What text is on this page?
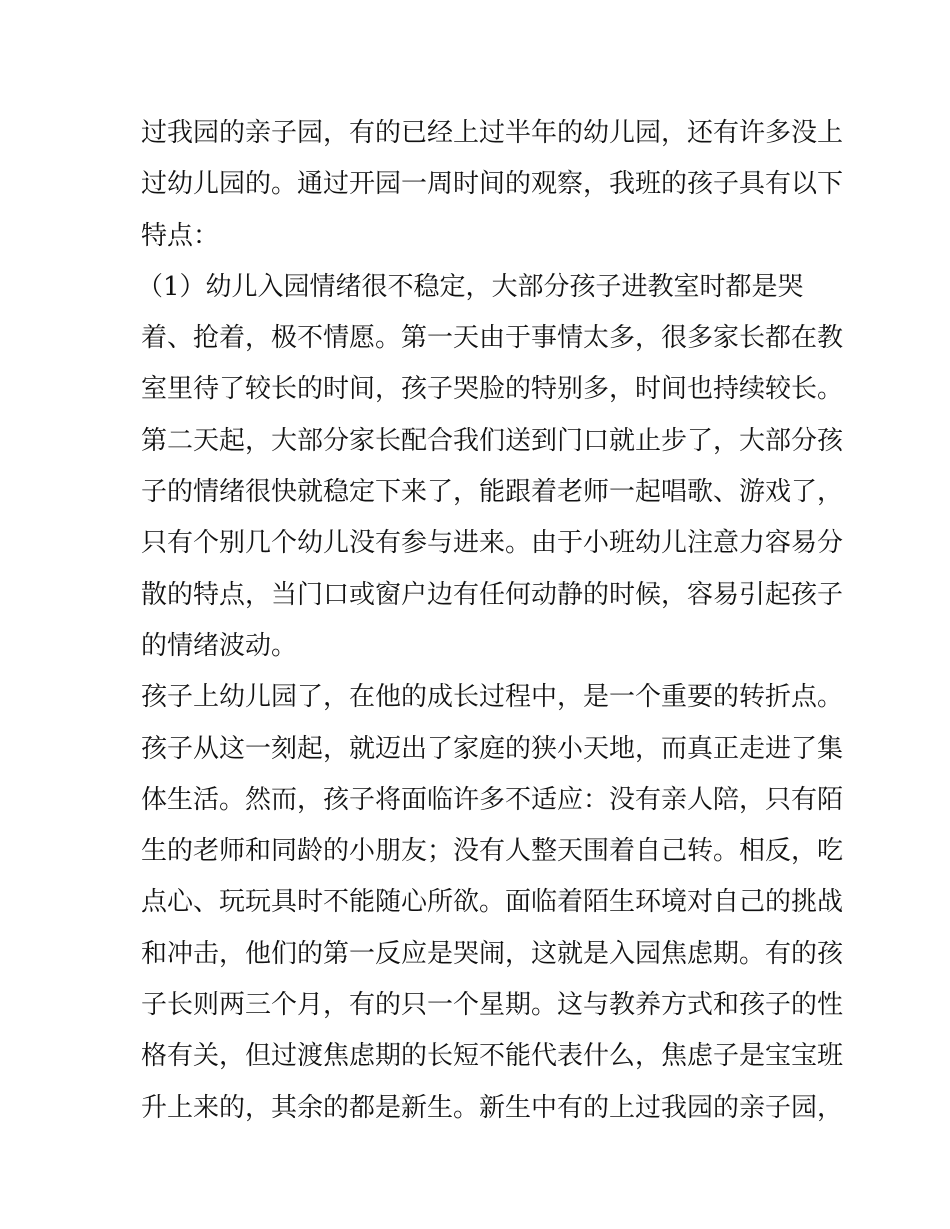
过我园的亲子园，有的已经上过半年的幼儿园，还有许多没上
过幼儿园的。通过开园一周时间的观察，我班的孩子具有以下
特点：
（1）幼儿入园情绪很不稳定，大部分孩子进教室时都是哭
着、抢着，极不情愿。第一天由于事情太多，很多家长都在教
室里待了较长的时间，孩子哭脸的特别多，时间也持续较长。
第二天起，大部分家长配合我们送到门口就止步了，大部分孩
子的情绪很快就稳定下来了，能跟着老师一起唱歌、游戏了，
只有个别几个幼儿没有参与进来。由于小班幼儿注意力容易分
散的特点，当门口或窗户边有任何动静的时候，容易引起孩子
的情绪波动。
孩子上幼儿园了，在他的成长过程中，是一个重要的转折点。
孩子从这一刻起，就迈出了家庭的狭小天地，而真正走进了集
体生活。然而，孩子将面临许多不适应：没有亲人陪，只有陌
生的老师和同龄的小朋友；没有人整天围着自己转。相反，吃
点心、玩玩具时不能随心所欲。面临着陌生环境对自己的挑战
和冲击，他们的第一反应是哭闹，这就是入园焦虑期。有的孩
子长则两三个月，有的只一个星期。这与教养方式和孩子的性
格有关，但过渡焦虑期的长短不能代表什么，焦虑子是宝宝班
升上来的，其余的都是新生。新生中有的上过我园的亲子园，
